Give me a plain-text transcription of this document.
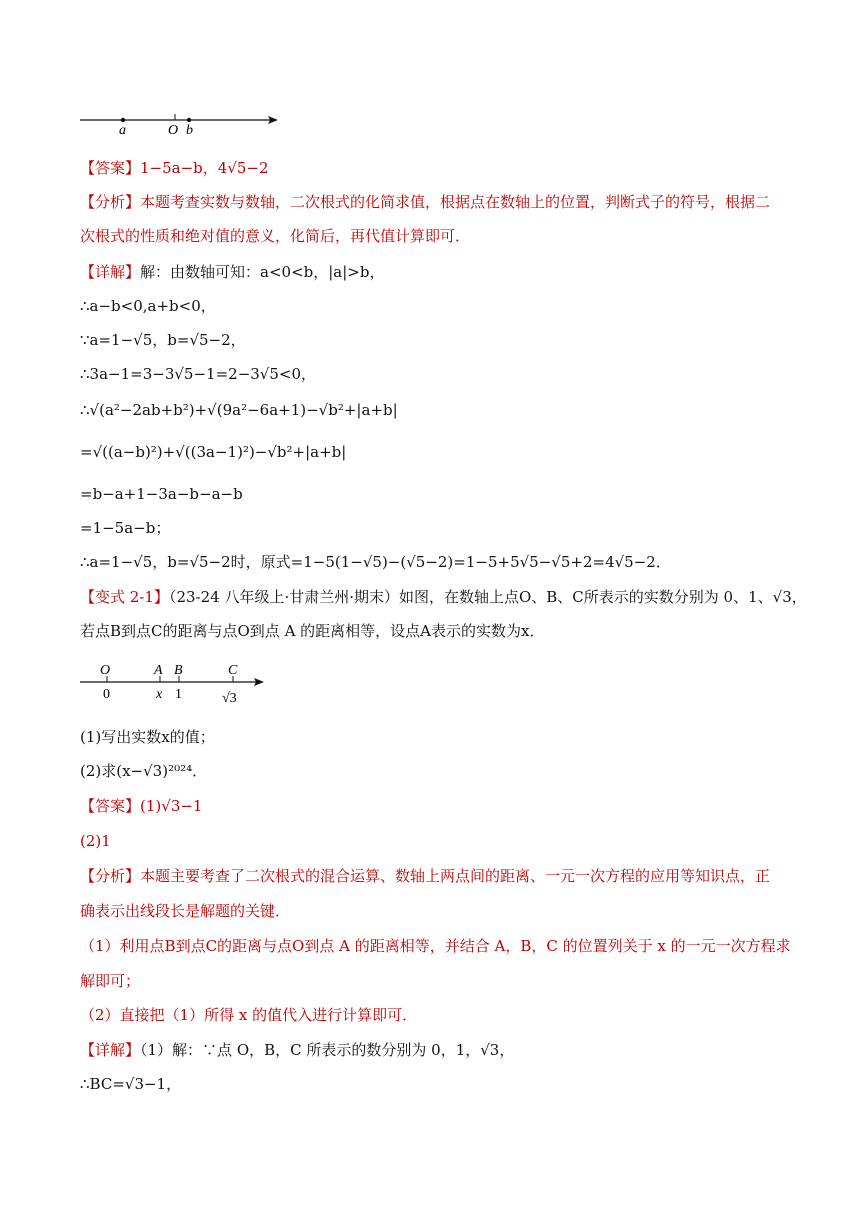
a	O b
【答案】1−5a−b，4√5−2
【分析】本题考查实数与数轴，二次根式的化简求值，根据点在数轴上的位置，判断式子的符号，根据二
次根式的性质和绝对值的意义，化简后，再代值计算即可．
【详解】解：由数轴可知：a<0<b，|a|>b，
∴a−b<0,a+b<0，
∵a=1−√5，b=√5−2，
∴3a−1=3−3√5−1=2−3√5<0，
∴√(a²−2ab+b²)+√(9a²−6a+1)−√b²+|a+b|
=√((a−b)²)+√((3a−1)²)−√b²+|a+b|
=b−a+1−3a−b−a−b
=1−5a−b；
∴a=1−√5，b=√5−2时，原式=1−5(1−√5)−(√5−2)=1−5+5√5−√5+2=4√5−2．
【变式 2-1】（23-24 八年级上·甘肃兰州·期末）如图，在数轴上点O、B、C所表示的实数分别为 0、1、√3，
若点B到点C的距离与点O到点 A 的距离相等，设点A表示的实数为x．
O	A B	C
0	x 1	√3
(1)写出实数x的值；
(2)求(x−√3)²⁰²⁴．
【答案】(1)√3−1
(2)1
【分析】本题主要考查了二次根式的混合运算、数轴上两点间的距离、一元一次方程的应用等知识点，正
确表示出线段长是解题的关键．
（1）利用点B到点C的距离与点O到点 A 的距离相等，并结合 A，B，C 的位置列关于 x 的一元一次方程求
解即可；
（2）直接把（1）所得 x 的值代入进行计算即可．
【详解】（1）解：∵点 O，B，C 所表示的数分别为 0，1，√3，
∴BC=√3−1，
